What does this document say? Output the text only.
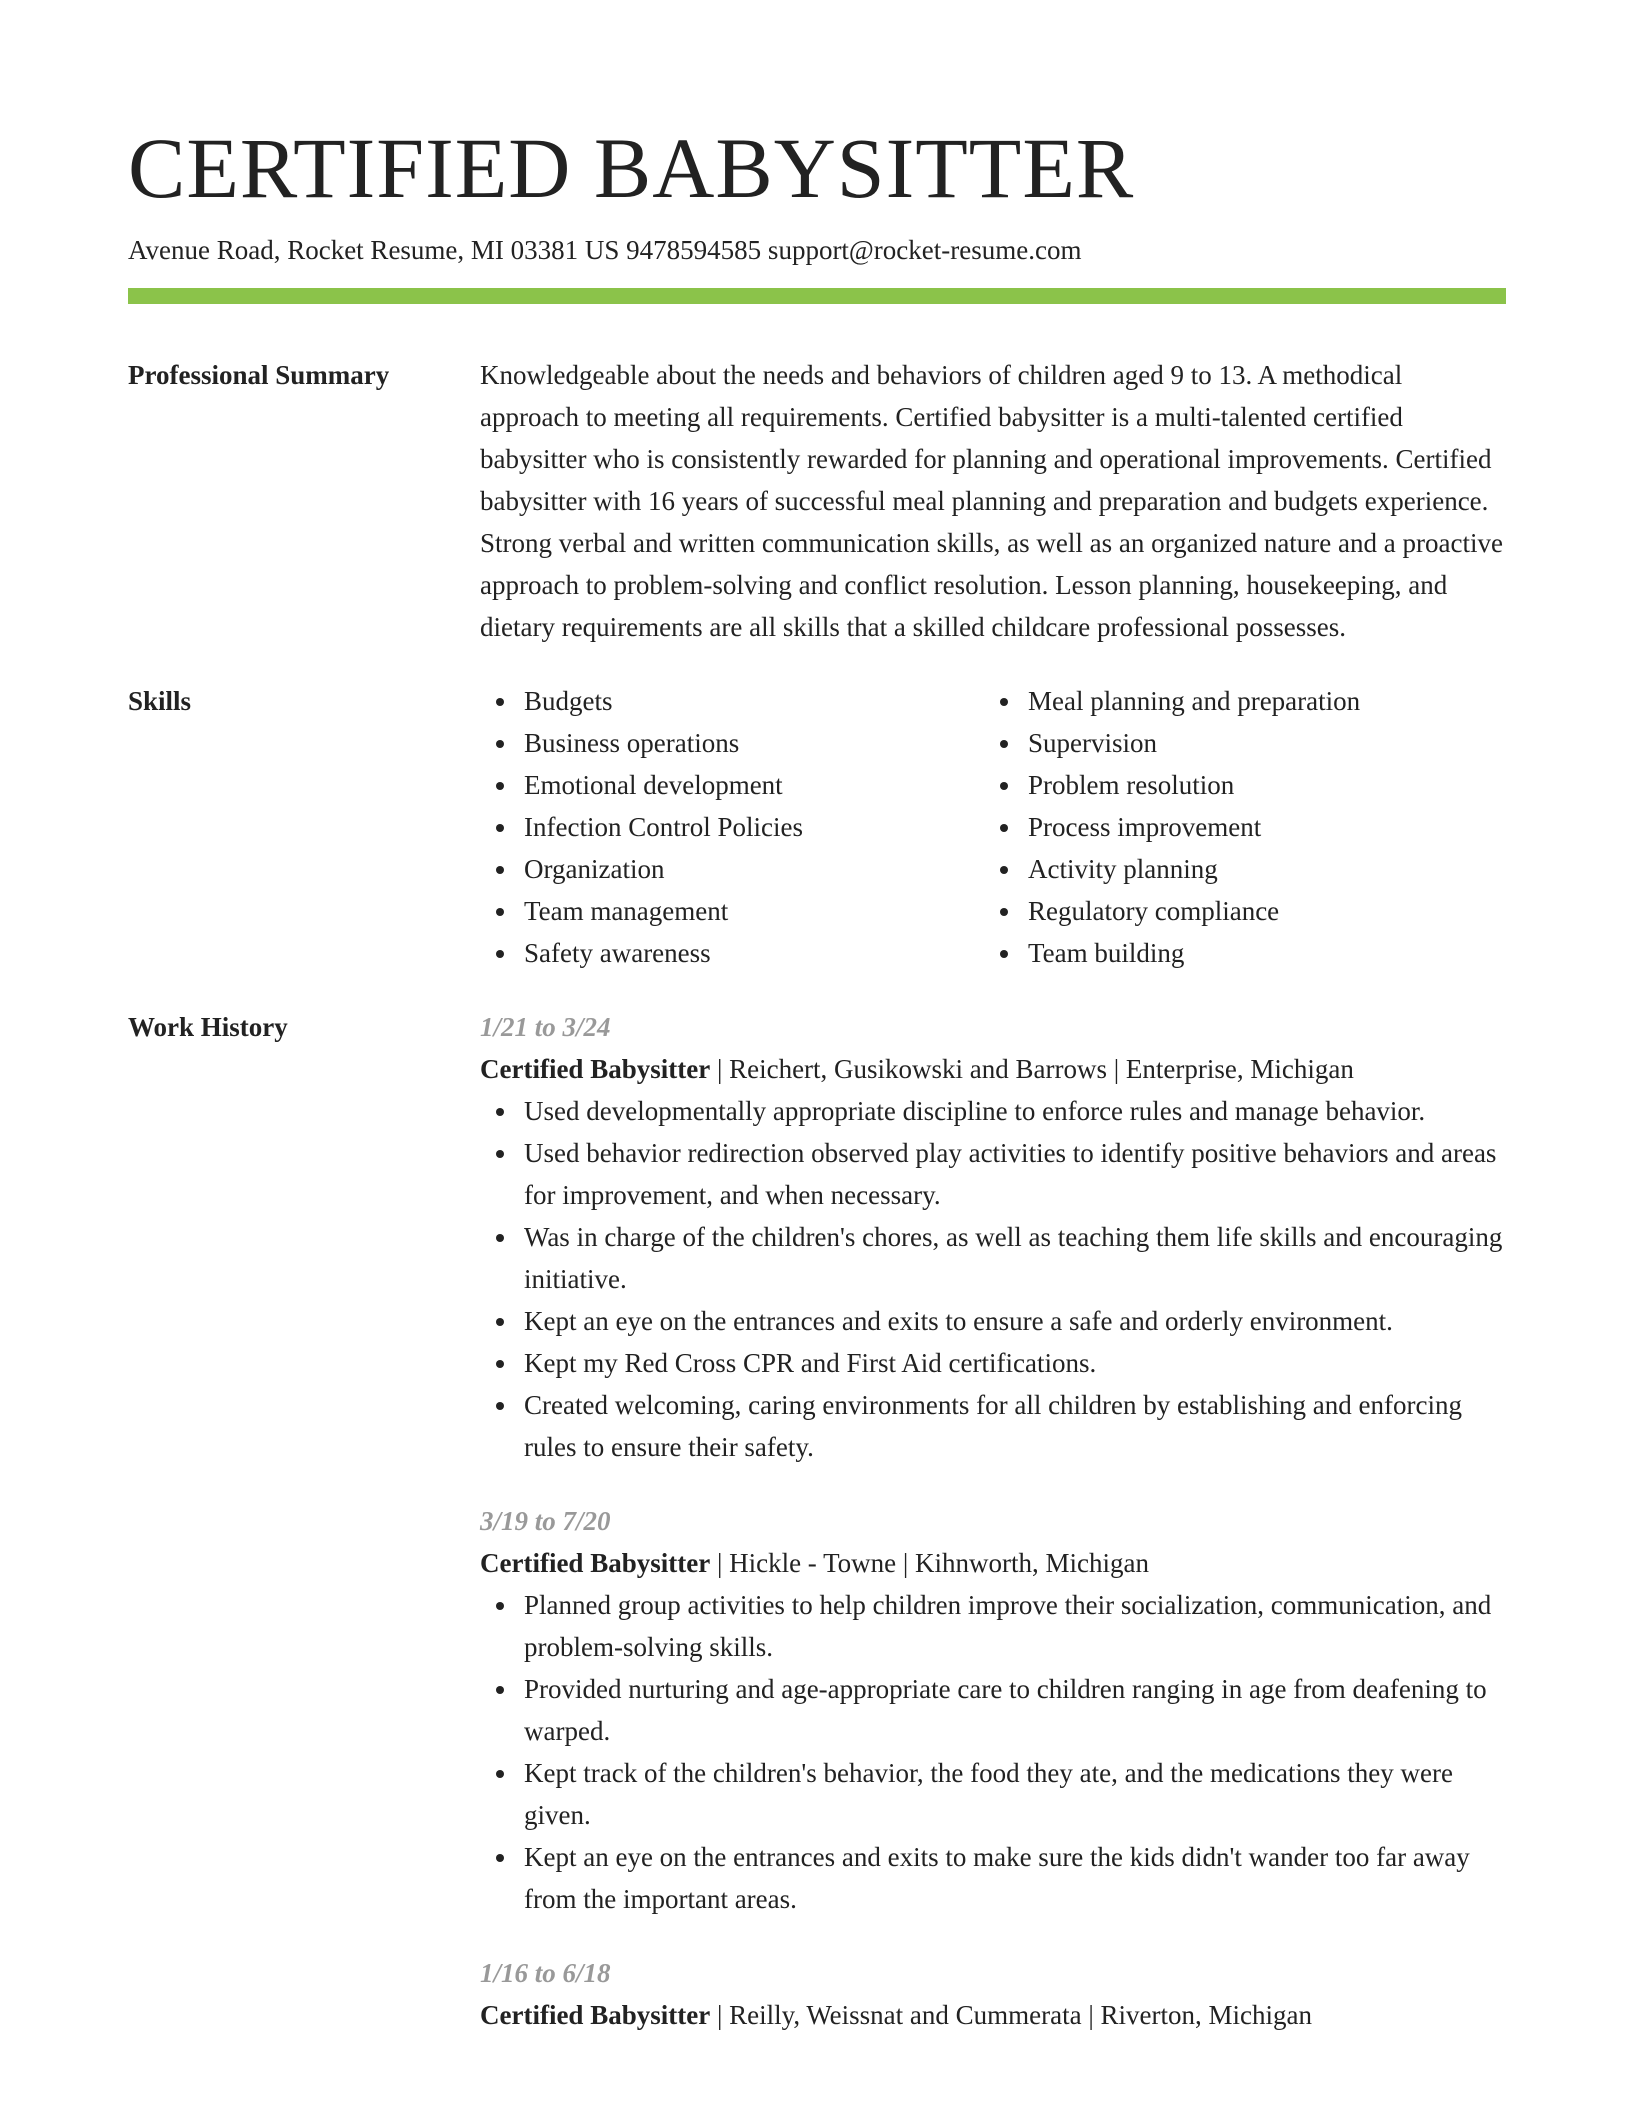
CERTIFIED BABYSITTER
Avenue Road, Rocket Resume, MI 03381 US 9478594585 support@rocket-resume.com
Professional Summary	Knowledgeable about the needs and behaviors of children aged 9 to 13. A methodical approach to meeting all requirements. Certified babysitter is a multi-talented certified babysitter who is consistently rewarded for planning and operational improvements. Certified babysitter with 16 years of successful meal planning and preparation and budgets experience. Strong verbal and written communication skills, as well as an organized nature and a proactive approach to problem-solving and conflict resolution. Lesson planning, housekeeping, and dietary requirements are all skills that a skilled childcare professional possesses.
Skills	Budgets
Business operations
Emotional development
Infection Control Policies
Organization
Team management
Safety awareness
Meal planning and preparation
Supervision
Problem resolution
Process improvement
Activity planning
Regulatory compliance
Team building
Work History	1/21 to 3/24
Certified Babysitter | Reichert, Gusikowski and Barrows | Enterprise, Michigan
Used developmentally appropriate discipline to enforce rules and manage behavior.
Used behavior redirection observed play activities to identify positive behaviors and areas for improvement, and when necessary.
Was in charge of the children's chores, as well as teaching them life skills and encouraging initiative.
Kept an eye on the entrances and exits to ensure a safe and orderly environment.
Kept my Red Cross CPR and First Aid certifications.
Created welcoming, caring environments for all children by establishing and enforcing rules to ensure their safety.
3/19 to 7/20
Certified Babysitter | Hickle - Towne | Kihnworth, Michigan
Planned group activities to help children improve their socialization, communication, and problem-solving skills.
Provided nurturing and age-appropriate care to children ranging in age from deafening to warped.
Kept track of the children's behavior, the food they ate, and the medications they were given.
Kept an eye on the entrances and exits to make sure the kids didn't wander too far away from the important areas.
1/16 to 6/18
Certified Babysitter | Reilly, Weissnat and Cummerata | Riverton, Michigan
